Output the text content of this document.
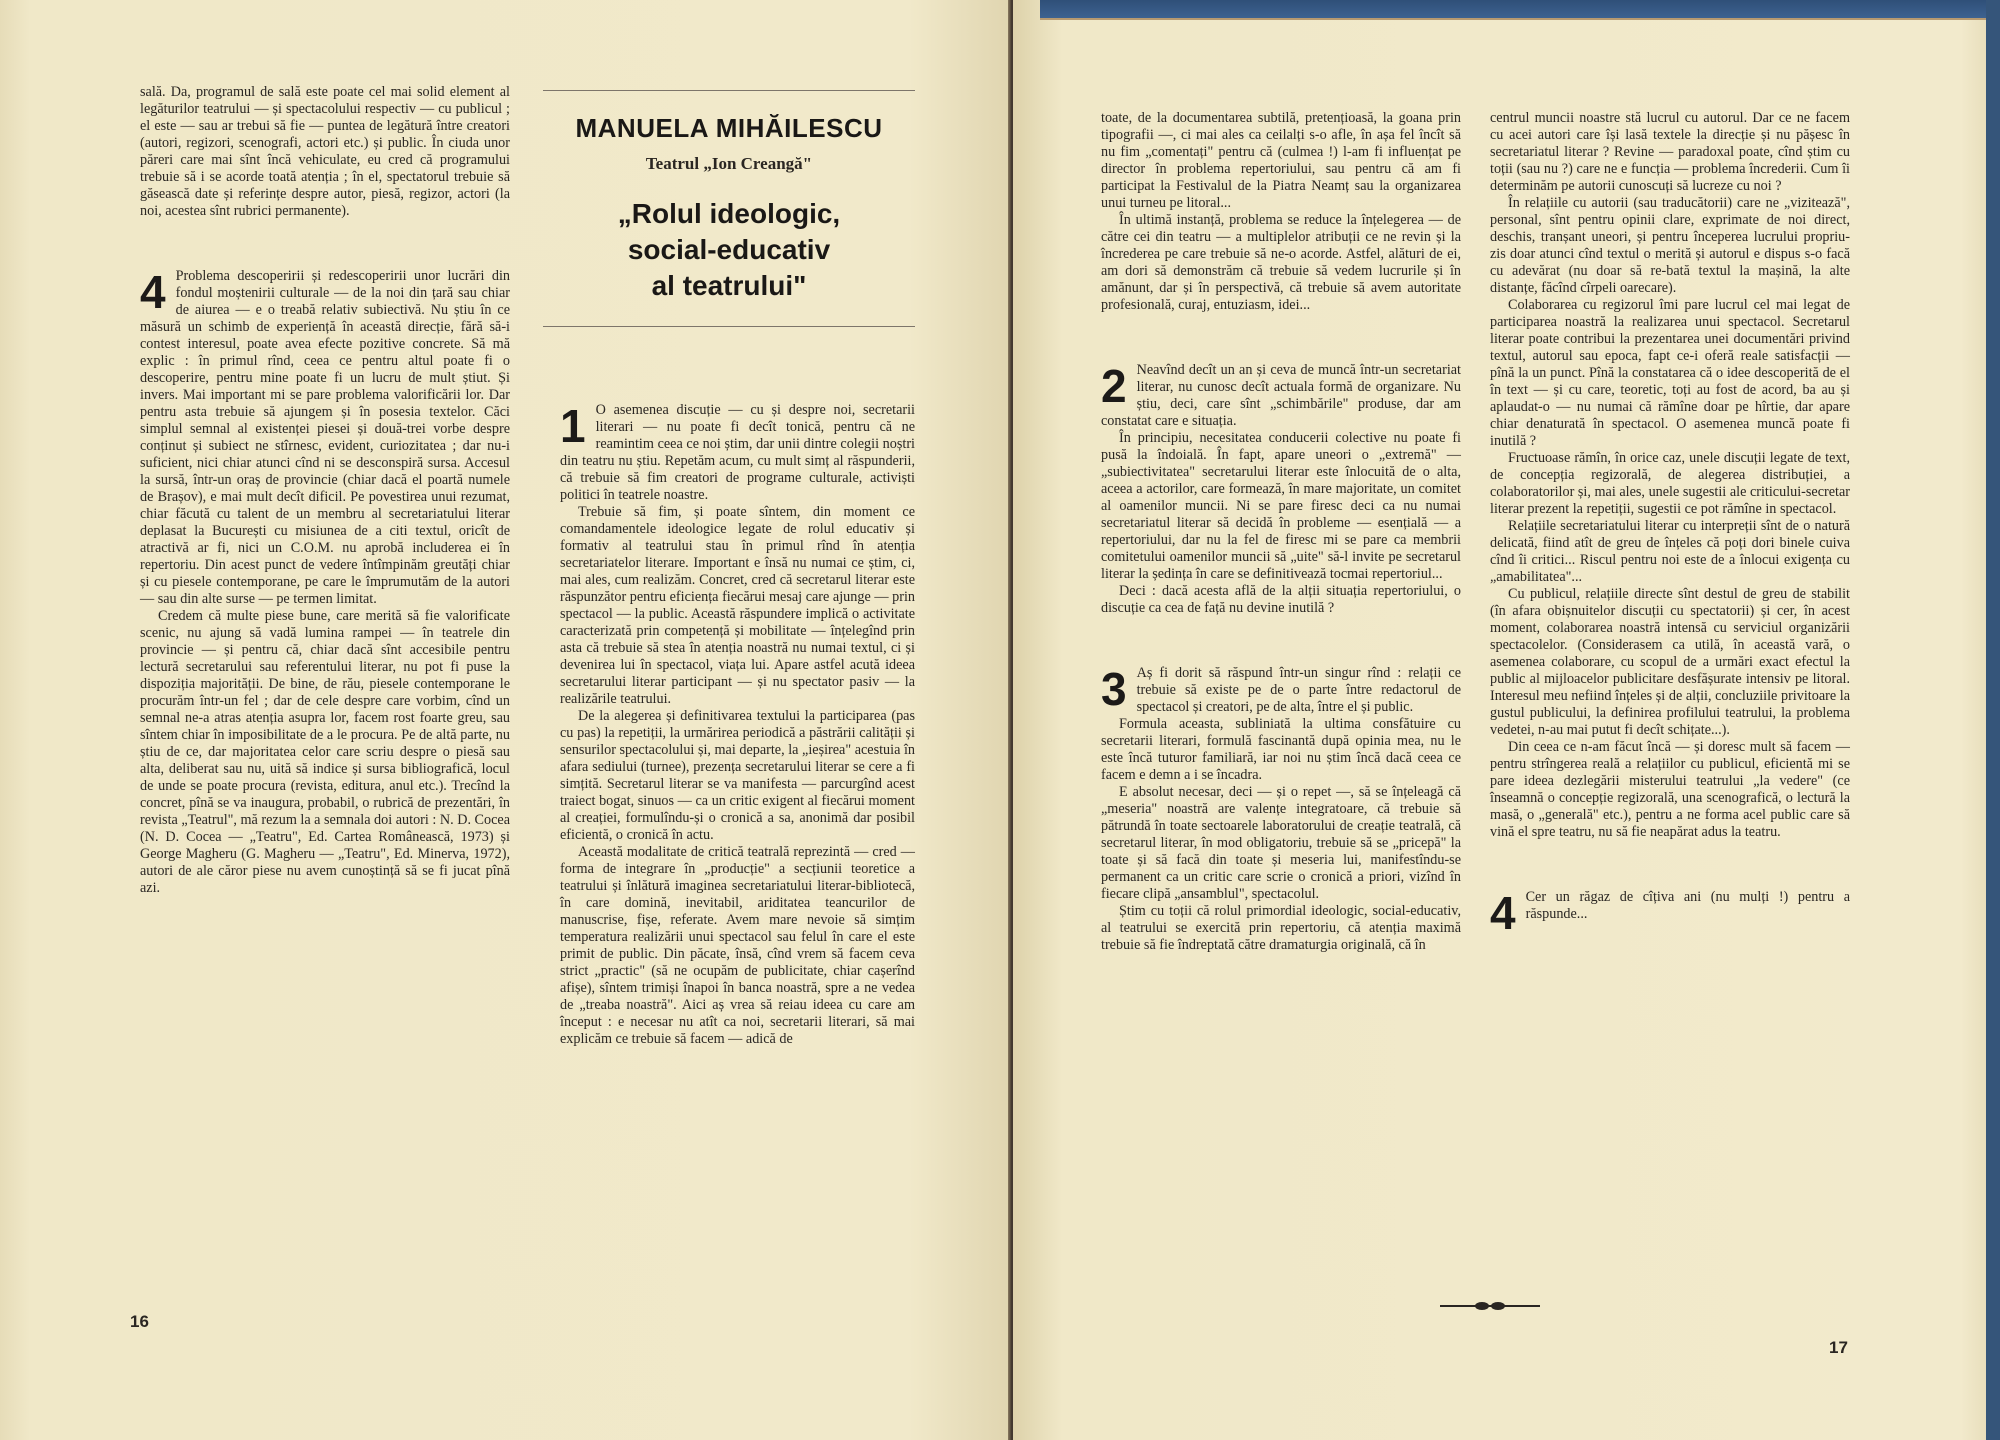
sală. Da, programul de sală este poate cel mai solid element al legăturilor teatrului — și spectacolului respectiv — cu publicul ; el este — sau ar trebui să fie — puntea de legătură între creatori (autori, regizori, scenografi, actori etc.) și public. În ciuda unor păreri care mai sînt încă vehiculate, eu cred că programului trebuie să i se acorde toată atenția ; în el, spectatorul trebuie să găsească date și referințe despre autor, piesă, regizor, actori (la noi, acestea sînt rubrici permanente).

4 Problema descoperirii și redescoperirii unor lucrări din fondul moștenirii culturale — de la noi din țară sau chiar de aiurea — e o treabă relativ subiectivă. Nu știu în ce măsură un schimb de experiență în această direcție, fără să-i contest interesul, poate avea efecte pozitive concrete. Să mă explic : în primul rînd, ceea ce pentru altul poate fi o descoperire, pentru mine poate fi un lucru de mult știut. Și invers. Mai important mi se pare problema valorificării lor. Dar pentru asta trebuie să ajungem și în posesia textelor. Căci simplul semnal al existenței piesei și două-trei vorbe despre conținut și subiect ne stîrnesc, evident, curiozitatea ; dar nu-i suficient, nici chiar atunci cînd ni se desconspiră sursa. Accesul la sursă, într-un oraș de provincie (chiar dacă el poartă numele de Brașov), e mai mult decît dificil. Pe povestirea unui rezumat, chiar făcută cu talent de un membru al secretariatului literar deplasat la București cu misiunea de a citi textul, oricît de atractivă ar fi, nici un C.O.M. nu aprobă includerea ei în repertoriu. Din acest punct de vedere întîmpinăm greutăți chiar și cu piesele contemporane, pe care le împrumutăm de la autori — sau din alte surse — pe termen limitat.

Credem că multe piese bune, care merită să fie valorificate scenic, nu ajung să vadă lumina rampei — în teatrele din provincie — și pentru că, chiar dacă sînt accesibile pentru lectură secretarului sau referentului literar, nu pot fi puse la dispoziția majorității. De bine, de rău, piesele contemporane le procurăm într-un fel ; dar de cele despre care vorbim, cînd un semnal ne-a atras atenția asupra lor, facem rost foarte greu, sau sîntem chiar în imposibilitate de a le procura. Pe de altă parte, nu știu de ce, dar majoritatea celor care scriu despre o piesă sau alta, deliberat sau nu, uită să indice și sursa bibliografică, locul de unde se poate procura (revista, editura, anul etc.). Trecînd la concret, pînă se va inaugura, probabil, o rubrică de prezentări, în revista „Teatrul", mă rezum la a semnala doi autori : N. D. Cocea (N. D. Cocea — „Teatru", Ed. Cartea Românească, 1973) și George Magheru (G. Magheru — „Teatru", Ed. Minerva, 1972), autori de ale căror piese nu avem cunoștință să se fi jucat pînă azi.

MANUELA MIHĂILESCU
Teatrul „Ion Creangă"
„Rolul ideologic,
social-educativ
al teatrului"
1 O asemenea discuție — cu și despre noi, secretarii literari — nu poate fi decît tonică, pentru că ne reamintim ceea ce noi știm, dar unii dintre colegii noștri din teatru nu știu. Repetăm acum, cu mult simț al răspunderii, că trebuie să fim creatori de programe culturale, activiști politici în teatrele noastre.

Trebuie să fim, și poate sîntem, din moment ce comandamentele ideologice legate de rolul educativ și formativ al teatrului stau în primul rînd în atenția secretariatelor literare. Important e însă nu numai ce știm, ci, mai ales, cum realizăm. Concret, cred că secretarul literar este răspunzător pentru eficiența fiecărui mesaj care ajunge — prin spectacol — la public. Această răspundere implică o activitate caracterizată prin competență și mobilitate — înțelegînd prin asta că trebuie să stea în atenția noastră nu numai textul, ci și devenirea lui în spectacol, viața lui. Apare astfel acută ideea secretarului literar participant — și nu spectator pasiv — la realizările teatrului.

De la alegerea și definitivarea textului la participarea (pas cu pas) la repetiții, la urmărirea periodică a păstrării calității și sensurilor spectacolului și, mai departe, la „ieșirea" acestuia în afara sediului (turnee), prezența secretarului literar se cere a fi simțită. Secretarul literar se va manifesta — parcurgînd acest traiect bogat, sinuos — ca un critic exigent al fiecărui moment al creației, formulîndu-și o cronică a sa, anonimă dar posibil eficientă, o cronică în actu.

Această modalitate de critică teatrală reprezintă — cred — forma de integrare în „producție" a secțiunii teoretice a teatrului și înlătură imaginea secretariatului literar-bibliotecă, în care domină, inevitabil, ariditatea teancurilor de manuscrise, fișe, referate. Avem mare nevoie să simțim temperatura realizării unui spectacol sau felul în care el este primit de public. Din păcate, însă, cînd vrem să facem ceva strict „practic" (să ne ocupăm de publicitate, chiar cașerînd afișe), sîntem trimiși înapoi în banca noastră, spre a ne vedea de „treaba noastră". Aici aș vrea să reiau ideea cu care am început : e necesar nu atît ca noi, secretarii literari, să mai explicăm ce trebuie să facem — adică de

16

toate, de la documentarea subtilă, pretențioasă, la goana prin tipografii —, ci mai ales ca ceilalți s-o afle, în așa fel încît să nu fim „comentați" pentru că (culmea !) l-am fi influențat pe director în problema repertoriului, sau pentru că am fi participat la Festivalul de la Piatra Neamț sau la organizarea unui turneu pe litoral...

În ultimă instanță, problema se reduce la înțelegerea — de către cei din teatru — a multiplelor atribuții ce ne revin și la încrederea pe care trebuie să ne-o acorde. Astfel, alături de ei, am dori să demonstrăm că trebuie să vedem lucrurile și în amănunt, dar și în perspectivă, că trebuie să avem autoritate profesională, curaj, entuziasm, idei...

2 Neavînd decît un an și ceva de muncă într-un secretariat literar, nu cunosc decît actuala formă de organizare. Nu știu, deci, care sînt „schimbările" produse, dar am constatat care e situația.

În principiu, necesitatea conducerii colective nu poate fi pusă la îndoială. În fapt, apare uneori o „extremă" — „subiectivitatea" secretarului literar este înlocuită de o alta, aceea a actorilor, care formează, în mare majoritate, un comitet al oamenilor muncii. Ni se pare firesc deci ca nu numai secretariatul literar să decidă în probleme — esențială — a repertoriului, dar nu la fel de firesc mi se pare ca membrii comitetului oamenilor muncii să „uite" să-l invite pe secretarul literar la ședința în care se definitivează tocmai repertoriul...

Deci : dacă acesta află de la alții situația repertoriului, o discuție ca cea de față nu devine inutilă ?

3 Aș fi dorit să răspund într-un singur rînd : relații ce trebuie să existe pe de o parte între redactorul de spectacol și creatori, pe de alta, între el și public.

Formula aceasta, subliniată la ultima consfătuire cu secretarii literari, formulă fascinantă după opinia mea, nu le este încă tuturor familiară, iar noi nu știm încă dacă ceea ce facem e demn a i se încadra.

E absolut necesar, deci — și o repet —, să se înțeleagă că „meseria" noastră are valențe integratoare, că trebuie să pătrundă în toate sectoarele laboratorului de creație teatrală, că secretarul literar, în mod obligatoriu, trebuie să se „pricepă" la toate și să facă din toate și meseria lui, manifestîndu-se permanent ca un critic care scrie o cronică a priori, vizînd în fiecare clipă „ansamblul", spectacolul.

Știm cu toții că rolul primordial ideologic, social-educativ, al teatrului se exercită prin repertoriu, că atenția maximă trebuie să fie îndreptată către dramaturgia originală, că în

centrul muncii noastre stă lucrul cu autorul. Dar ce ne facem cu acei autori care își lasă textele la direcție și nu pășesc în secretariatul literar ? Revine — paradoxal poate, cînd știm cu toții (sau nu ?) care ne e funcția — problema încrederii. Cum îi determinăm pe autorii cunoscuți să lucreze cu noi ?

În relațiile cu autorii (sau traducătorii) care ne „vizitează", personal, sînt pentru opinii clare, exprimate de noi direct, deschis, tranșant uneori, și pentru începerea lucrului propriu-zis doar atunci cînd textul o merită și autorul e dispus s-o facă cu adevărat (nu doar să re-bată textul la mașină, la alte distanțe, făcînd cîrpeli oarecare).

Colaborarea cu regizorul îmi pare lucrul cel mai legat de participarea noastră la realizarea unui spectacol. Secretarul literar poate contribui la prezentarea unei documentări privind textul, autorul sau epoca, fapt ce-i oferă reale satisfacții — pînă la un punct. Pînă la constatarea că o idee descoperită de el în text — și cu care, teoretic, toți au fost de acord, ba au și aplaudat-o — nu numai că rămîne doar pe hîrtie, dar apare chiar denaturată în spectacol. O asemenea muncă poate fi inutilă ?

Fructuoase rămîn, în orice caz, unele discuții legate de text, de concepția regizorală, de alegerea distribuției, a colaboratorilor și, mai ales, unele sugestii ale criticului-secretar literar prezent la repetiții, sugestii ce pot rămîne in spectacol.

Relațiile secretariatului literar cu interpreții sînt de o natură delicată, fiind atît de greu de înțeles că poți dori binele cuiva cînd îi critici... Riscul pentru noi este de a înlocui exigența cu „amabilitatea"...

Cu publicul, relațiile directe sînt destul de greu de stabilit (în afara obișnuitelor discuții cu spectatorii) și cer, în acest moment, colaborarea noastră intensă cu serviciul organizării spectacolelor. (Considerasem ca utilă, în această vară, o asemenea colaborare, cu scopul de a urmări exact efectul la public al mijloacelor publicitare desfășurate intensiv pe litoral. Interesul meu nefiind înțeles și de alții, concluziile privitoare la gustul publicului, la definirea profilului teatrului, la problema vedetei, n-au mai putut fi decît schițate...).

Din ceea ce n-am făcut încă — și doresc mult să facem — pentru strîngerea reală a relațiilor cu publicul, eficientă mi se pare ideea dezlegării misterului teatrului „la vedere" (ce înseamnă o concepție regizorală, una scenografică, o lectură la masă, o „generală" etc.), pentru a ne forma acel public care să vină el spre teatru, nu să fie neapărat adus la teatru.

4 Cer un răgaz de cîțiva ani (nu mulți !) pentru a răspunde...

17
